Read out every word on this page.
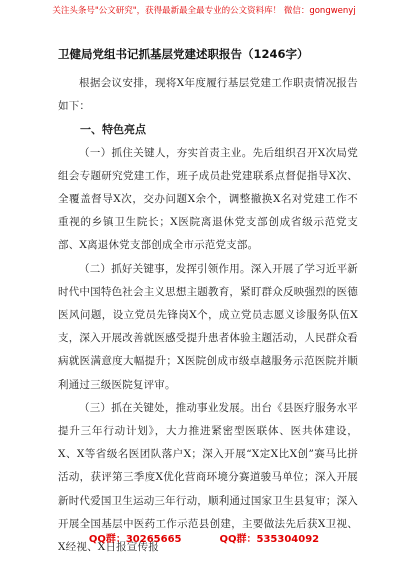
关注头条号"公文研究"，获得最新最全最专业的公文资料库！ 微信：gongwenyj
卫健局党组书记抓基层党建述职报告（1246字）

根据会议安排，现将X年度履行基层党建工作职责情况报告如下：

一、特色亮点

（一）抓住关键人，夯实首责主业。先后组织召开X次局党组会专题研究党建工作，班子成员赴党建联系点督促指导X次、全覆盖督导X次，交办问题X余个，调整撤换X名对党建工作不重视的乡镇卫生院长；X医院离退休党支部创成省级示范党支部、X离退休党支部创成全市示范党支部。

（二）抓好关键事，发挥引领作用。深入开展了学习近平新时代中国特色社会主义思想主题教育，紧盯群众反映强烈的医德医风问题，设立党员先锋岗X个，成立党员志愿义诊服务队伍X支，深入开展改善就医感受提升患者体验主题活动，人民群众看病就医满意度大幅提升；X医院创成市级卓越服务示范医院并顺利通过三级医院复评审。

（三）抓在关键处，推动事业发展。出台《县医疗服务水平提升三年行动计划》，大力推进紧密型医联体、医共体建设，X、X等省级名医团队落户X；深入开展“X定X比X创”赛马比拼活动，获评第三季度X优化营商环境分赛道骏马单位；深入开展新时代爱国卫生运动三年行动，顺利通过国家卫生县复审；深入开展全国基层中医药工作示范县创建，主要做法先后获X卫视、X经视、X日报宣传报

QQ群：30265665	QQ群：535304092
